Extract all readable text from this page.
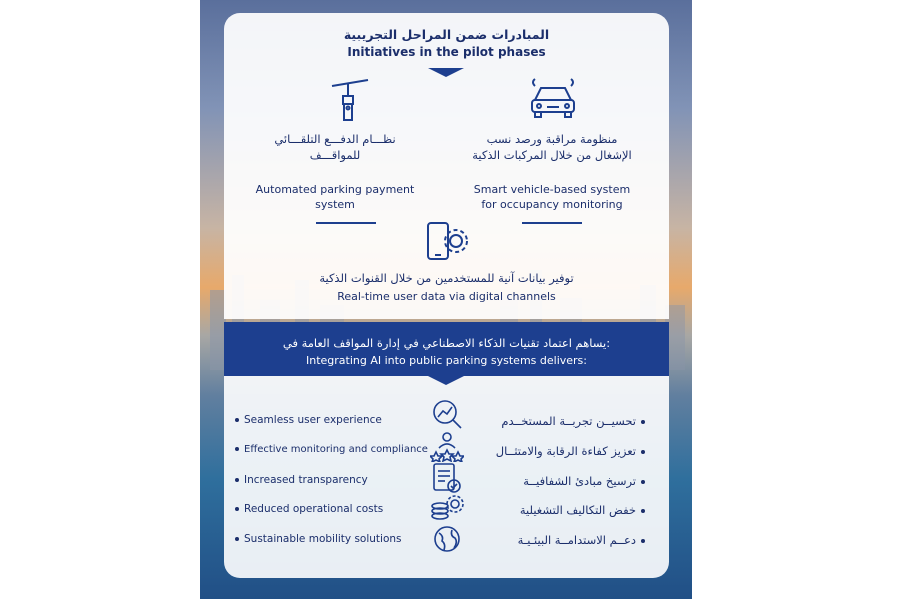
المبادرات ضمن المراحل التجريبية
Initiatives in the pilot phases
منظومة مراقبة ورصد نسب
الإشغال من خلال المركبات الذكية
Smart vehicle-based system
for occupancy monitoring
نظـــام الدفـــع التلقـــائي
للمواقـــف
Automated parking payment
system
توفير بيانات آنية للمستخدمين من خلال القنوات الذكية
Real-time user data via digital channels
يساهم اعتماد تقنيات الذكاء الاصطناعي في إدارة المواقف العامة في:
Integrating AI into public parking systems delivers:
Seamless user experience	تحسيــن تجربــة المستخــدم
Effective monitoring and compliance	تعزيز كفاءة الرقابة والامتثــال
Increased transparency	ترسيخ مبادئ الشفافيــة
Reduced operational costs	خفض التكاليف التشغيلية
Sustainable mobility solutions	دعــم الاستدامــة البيئـيـة
